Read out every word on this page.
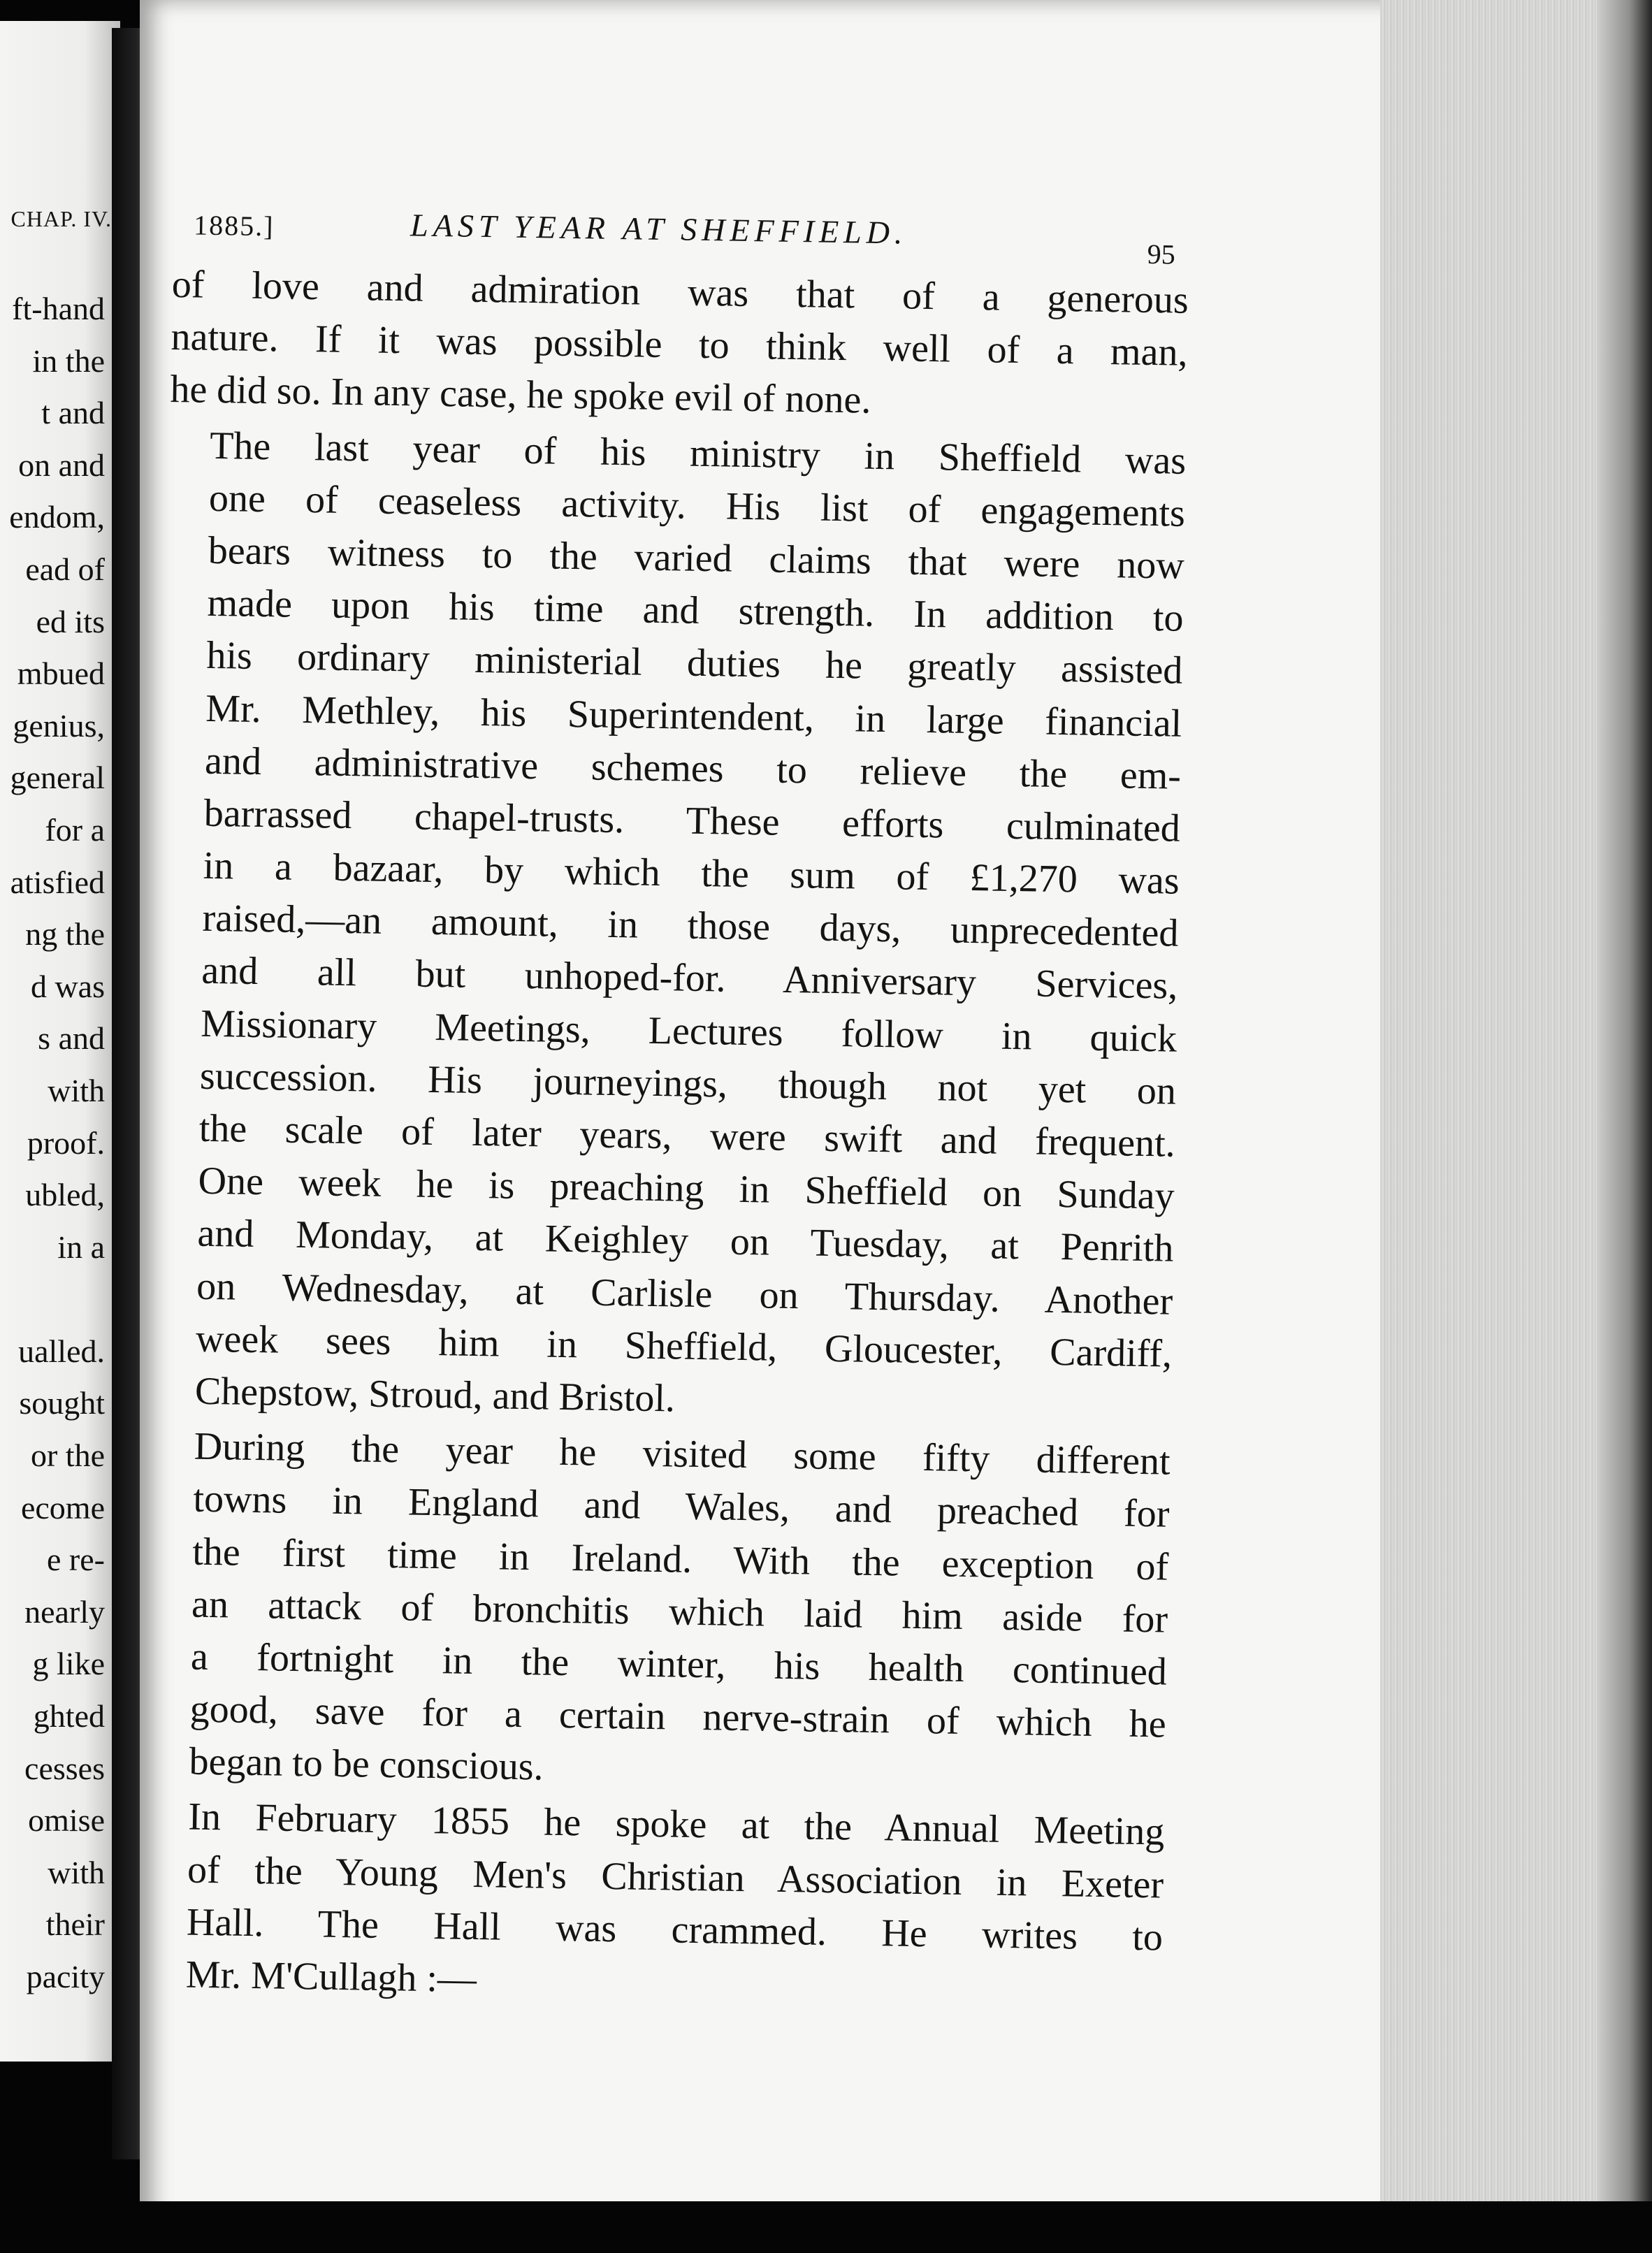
CHAP. IV.
ft-hand
in the
t and
on and
endom,
ead of
ed its
mbued
genius,
general
for a
atisfied
ng the
d was
s and
with
proof.
ubled,
in a
ualled.
sought
or the
ecome
e re-
nearly
g like
ghted
cesses
omise
with
their
pacity
1885.]	LAST YEAR AT SHEFFIELD.
95

of love and admiration was that of a generous
nature. If it was possible to think well of a man,
he did so. In any case, he spoke evil of none.

The last year of his ministry in Sheffield was
one of ceaseless activity. His list of engagements
bears witness to the varied claims that were now
made upon his time and strength. In addition to
his ordinary ministerial duties he greatly assisted
Mr. Methley, his Superintendent, in large financial
and administrative schemes to relieve the em-
barrassed chapel-trusts. These efforts culminated
in a bazaar, by which the sum of £1,270 was
raised,—an amount, in those days, unprecedented
and all but unhoped-for. Anniversary Services,
Missionary Meetings, Lectures follow in quick
succession. His journeyings, though not yet on
the scale of later years, were swift and frequent.
One week he is preaching in Sheffield on Sunday
and Monday, at Keighley on Tuesday, at Penrith
on Wednesday, at Carlisle on Thursday. Another
week sees him in Sheffield, Gloucester, Cardiff,
Chepstow, Stroud, and Bristol.

During the year he visited some fifty different
towns in England and Wales, and preached for
the first time in Ireland. With the exception of
an attack of bronchitis which laid him aside for
a fortnight in the winter, his health continued
good, save for a certain nerve-strain of which he
began to be conscious.

In February 1855 he spoke at the Annual Meeting
of the Young Men's Christian Association in Exeter
Hall. The Hall was crammed. He writes to
Mr. M'Cullagh :—
